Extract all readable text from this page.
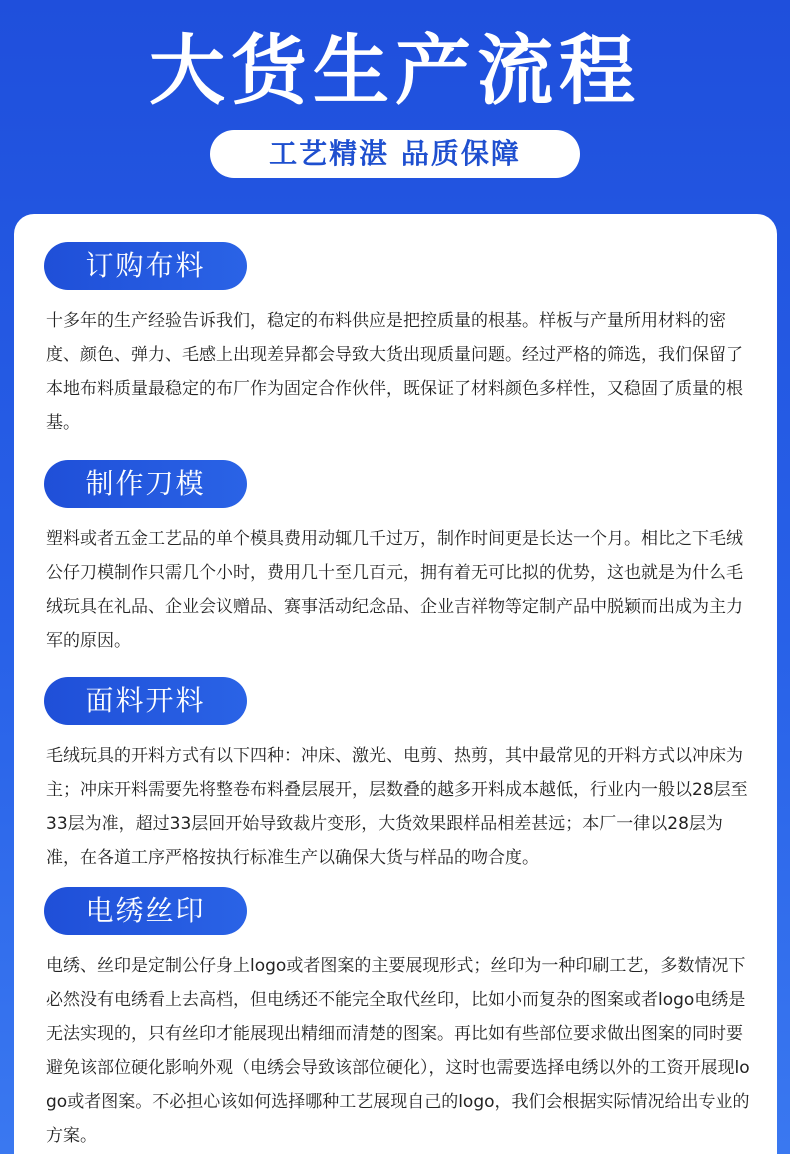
大货生产流程
工艺精湛 品质保障
订购布料
十多年的生产经验告诉我们，稳定的布料供应是把控质量的根基。样板与产量所用材料的密度、颜色、弹力、毛感上出现差异都会导致大货出现质量问题。经过严格的筛选，我们保留了本地布料质量最稳定的布厂作为固定合作伙伴，既保证了材料颜色多样性，又稳固了质量的根基。
制作刀模
塑料或者五金工艺品的单个模具费用动辄几千过万，制作时间更是长达一个月。相比之下毛绒公仔刀模制作只需几个小时，费用几十至几百元，拥有着无可比拟的优势，这也就是为什么毛绒玩具在礼品、企业会议赠品、赛事活动纪念品、企业吉祥物等定制产品中脱颖而出成为主力军的原因。
面料开料
毛绒玩具的开料方式有以下四种：冲床、激光、电剪、热剪，其中最常见的开料方式以冲床为主；冲床开料需要先将整卷布料叠层展开，层数叠的越多开料成本越低，行业内一般以28层至33层为准，超过33层回开始导致裁片变形，大货效果跟样品相差甚远；本厂一律以28层为准，在各道工序严格按执行标准生产以确保大货与样品的吻合度。
电绣丝印
电绣、丝印是定制公仔身上logo或者图案的主要展现形式；丝印为一种印刷工艺，多数情况下必然没有电绣看上去高档，但电绣还不能完全取代丝印，比如小而复杂的图案或者logo电绣是无法实现的，只有丝印才能展现出精细而清楚的图案。再比如有些部位要求做出图案的同时要避免该部位硬化影响外观（电绣会导致该部位硬化），这时也需要选择电绣以外的工资开展现logo或者图案。不必担心该如何选择哪种工艺展现自己的logo，我们会根据实际情况给出专业的方案。
